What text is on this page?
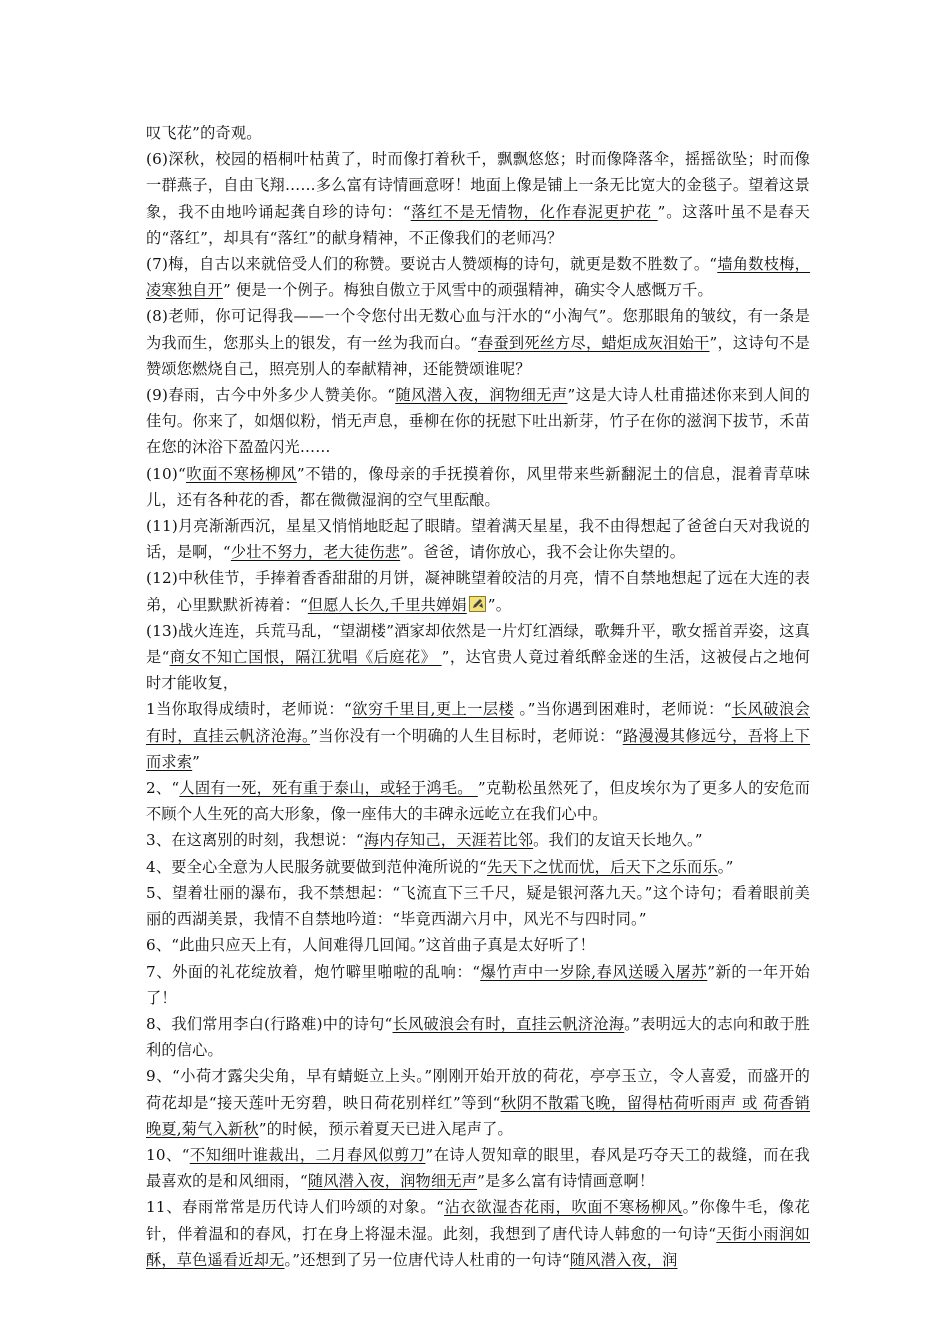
叹飞花”的奇观。

(6)深秋，校园的梧桐叶枯黄了，时而像打着秋千，飘飘悠悠；时而像降落伞，摇摇欲坠；时而像一群燕子，自由飞翔……多么富有诗情画意呀！地面上像是铺上一条无比宽大的金毯子。望着这景象，我不由地吟诵起龚自珍的诗句：“落红不是无情物，化作春泥更护花 ”。这落叶虽不是春天的“落红”，却具有“落红”的献身精神，不正像我们的老师冯？

(7)梅，自古以来就倍受人们的称赞。要说古人赞颂梅的诗句，就更是数不胜数了。“墙角数枝梅，凌寒独自开” 便是一个例子。梅独自傲立于风雪中的顽强精神，确实令人感慨万千。

(8)老师，你可记得我——一个令您付出无数心血与汗水的“小淘气”。您那眼角的皱纹，有一条是为我而生，您那头上的银发，有一丝为我而白。“春蚕到死丝方尽，蜡炬成灰泪始干”，这诗句不是赞颂您燃烧自己，照亮别人的奉献精神，还能赞颂谁呢？

(9)春雨，古今中外多少人赞美你。“随风潜入夜，润物细无声”这是大诗人杜甫描述你来到人间的佳句。你来了，如烟似粉，悄无声息，垂柳在你的抚慰下吐出新芽，竹子在你的滋润下拔节，禾苗在您的沐浴下盈盈闪光……

(10)“吹面不寒杨柳风”不错的，像母亲的手抚摸着你，风里带来些新翻泥土的信息，混着青草味儿，还有各种花的香，都在微微湿润的空气里酝酿。

(11)月亮渐渐西沉，星星又悄悄地眨起了眼睛。望着满天星星，我不由得想起了爸爸白天对我说的话，是啊，“少壮不努力，老大徒伤悲”。爸爸，请你放心，我不会让你失望的。

(12)中秋佳节，手捧着香香甜甜的月饼，凝神眺望着皎洁的月亮，情不自禁地想起了远在大连的表弟，心里默默祈祷着：“但愿人长久,千里共婵娟 ”。

(13)战火连连，兵荒马乱，“望湖楼”酒家却依然是一片灯红酒绿，歌舞升平，歌女摇首弄姿，这真是“商女不知亡国恨，隔江犹唱《后庭花》 ”，达官贵人竟过着纸醉金迷的生活，这被侵占之地何时才能收复，

1当你取得成绩时，老师说：“欲穷千里目,更上一层楼 。”当你遇到困难时，老师说：“长风破浪会有时，直挂云帆济沧海。”当你没有一个明确的人生目标时，老师说：“路漫漫其修远兮，吾将上下而求索”

2、“人固有一死，死有重于泰山，或轻于鸿毛。 ”克勒松虽然死了，但皮埃尔为了更多人的安危而不顾个人生死的高大形象，像一座伟大的丰碑永远屹立在我们心中。

3、在这离别的时刻，我想说：“海内存知己，天涯若比邻。我们的友谊天长地久。”

4、要全心全意为人民服务就要做到范仲淹所说的“先天下之忧而忧，后天下之乐而乐。”

5、望着壮丽的瀑布，我不禁想起：“飞流直下三千尺，疑是银河落九天。”这个诗句；看着眼前美丽的西湖美景，我情不自禁地吟道：“毕竟西湖六月中，风光不与四时同。”

6、“此曲只应天上有，人间难得几回闻。”这首曲子真是太好听了！

7、外面的礼花绽放着，炮竹噼里啪啦的乱响：“爆竹声中一岁除,春风送暖入屠苏”新的一年开始了！

8、我们常用李白(行路难)中的诗句“长风破浪会有时，直挂云帆济沧海。”表明远大的志向和敢于胜利的信心。

9、“小荷才露尖尖角，早有蜻蜓立上头。”刚刚开始开放的荷花，亭亭玉立，令人喜爱，而盛开的荷花却是“接天莲叶无穷碧，映日荷花别样红”等到“秋阴不散霜飞晚，留得枯荷听雨声 或 荷香销晚夏,菊气入新秋”的时候，预示着夏天已进入尾声了。

10、“不知细叶谁裁出，二月春风似剪刀”在诗人贺知章的眼里，春风是巧夺天工的裁缝，而在我最喜欢的是和风细雨，“随风潜入夜，润物细无声”是多么富有诗情画意啊！

11、春雨常常是历代诗人们吟颂的对象。“沾衣欲湿杏花雨，吹面不寒杨柳风。”你像牛毛，像花针，伴着温和的春风，打在身上将湿未湿。此刻，我想到了唐代诗人韩愈的一句诗“天街小雨润如酥，草色遥看近却无。”还想到了另一位唐代诗人杜甫的一句诗“随风潜入夜，润
